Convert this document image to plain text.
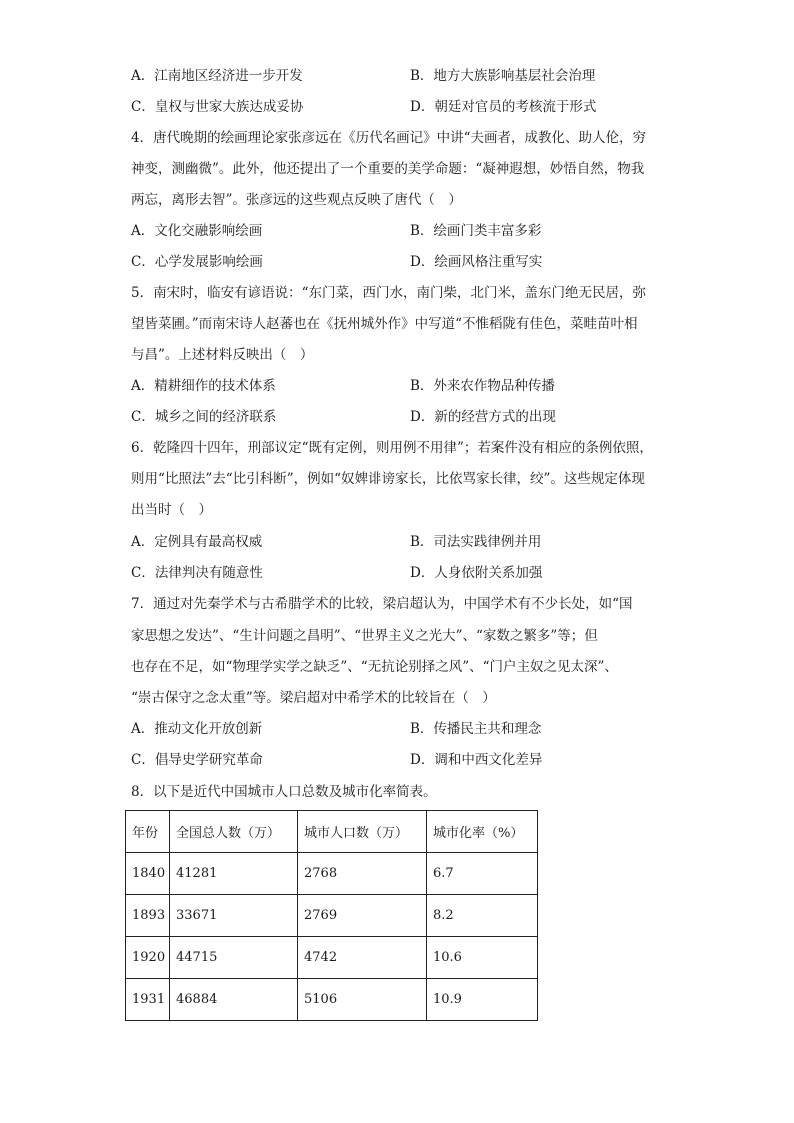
A．江南地区经济进一步开发	B．地方大族影响基层社会治理
C．皇权与世家大族达成妥协	D．朝廷对官员的考核流于形式
4．唐代晚期的绘画理论家张彦远在《历代名画记》中讲“夫画者，成教化、助人伦，穷
神变，测幽微”。此外，他还提出了一个重要的美学命题：“凝神遐想，妙悟自然，物我
两忘，离形去智”。张彦远的这些观点反映了唐代（　）
A．文化交融影响绘画	B．绘画门类丰富多彩
C．心学发展影响绘画	D．绘画风格注重写实
5．南宋时，临安有谚语说：“东门菜，西门水，南门柴，北门米，盖东门绝无民居，弥
望皆菜圃。”而南宋诗人赵蕃也在《抚州城外作》中写道“不惟稻陇有佳色，菜畦苗叶相
与昌”。上述材料反映出（　）
A．精耕细作的技术体系	B．外来农作物品种传播
C．城乡之间的经济联系	D．新的经营方式的出现
6．乾隆四十四年，刑部议定“既有定例，则用例不用律”；若案件没有相应的条例依照，
则用“比照法”去“比引科断”，例如“奴婢诽谤家长，比依骂家长律，绞”。这些规定体现
出当时（　）
A．定例具有最高权威	B．司法实践律例并用
C．法律判决有随意性	D．人身依附关系加强
7．通过对先秦学术与古希腊学术的比较，梁启超认为，中国学术有不少长处，如“国
家思想之发达”、“生计问题之昌明”、“世界主义之光大”、“家数之繁多”等；但
也存在不足，如“物理学实学之缺乏”、“无抗论别择之风”、“门户主奴之见太深”、
“崇古保守之念太重”等。梁启超对中希学术的比较旨在（　）
A．推动文化开放创新	B．传播民主共和理念
C．倡导史学研究革命	D．调和中西文化差异
8．以下是近代中国城市人口总数及城市化率简表。
年份	全国总人数（万）	城市人口数（万）	城市化率（%）
1840	41281	2768	6.7
1893	33671	2769	8.2
1920	44715	4742	10.6
1931	46884	5106	10.9
